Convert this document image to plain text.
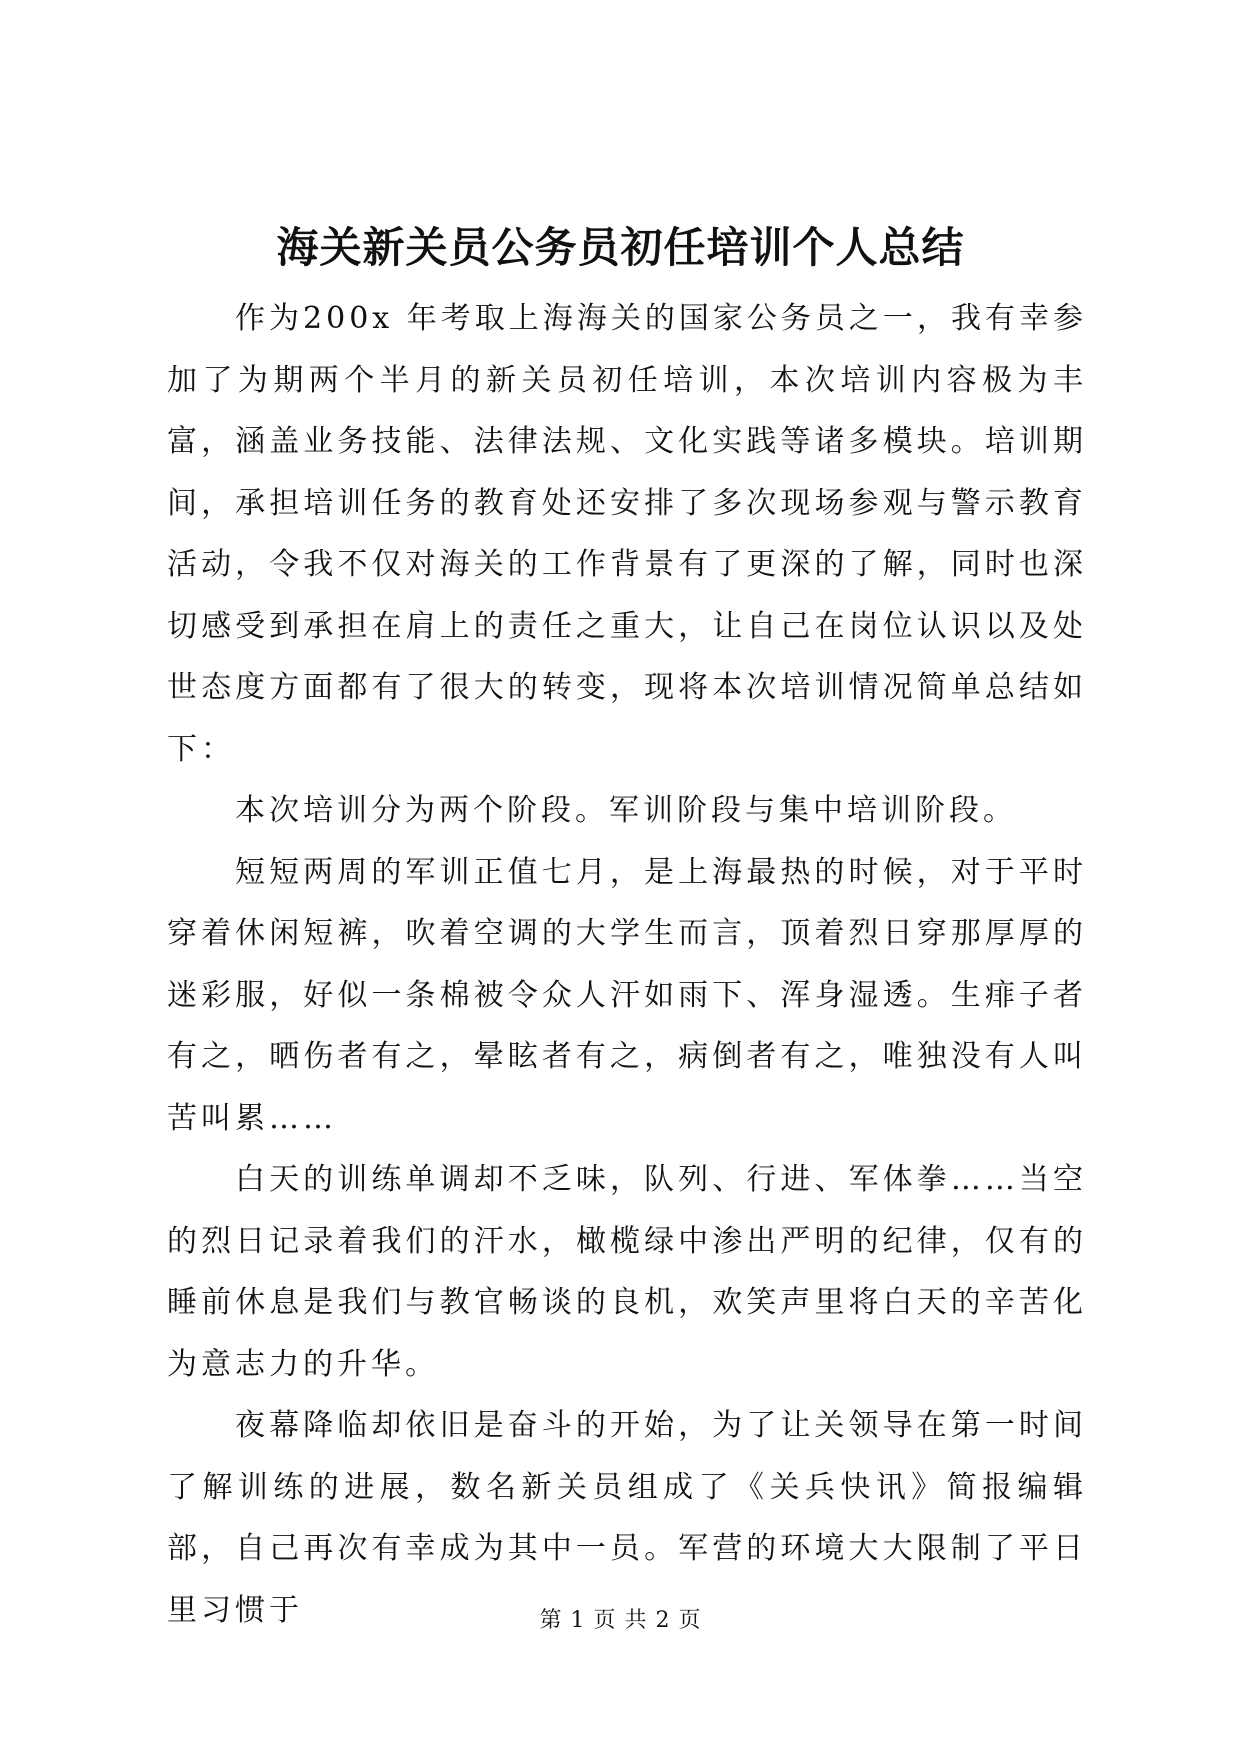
海关新关员公务员初任培训个人总结

作为200x 年考取上海海关的国家公务员之一，我有幸参加了为期两个半月的新关员初任培训，本次培训内容极为丰富，涵盖业务技能、法律法规、文化实践等诸多模块。培训期间，承担培训任务的教育处还安排了多次现场参观与警示教育活动，令我不仅对海关的工作背景有了更深的了解，同时也深切感受到承担在肩上的责任之重大，让自己在岗位认识以及处世态度方面都有了很大的转变，现将本次培训情况简单总结如下：

本次培训分为两个阶段。军训阶段与集中培训阶段。

短短两周的军训正值七月，是上海最热的时候，对于平时穿着休闲短裤，吹着空调的大学生而言，顶着烈日穿那厚厚的迷彩服，好似一条棉被令众人汗如雨下、浑身湿透。生痱子者有之，晒伤者有之，晕眩者有之，病倒者有之，唯独没有人叫苦叫累……

白天的训练单调却不乏味，队列、行进、军体拳……当空的烈日记录着我们的汗水，橄榄绿中渗出严明的纪律，仅有的睡前休息是我们与教官畅谈的良机，欢笑声里将白天的辛苦化为意志力的升华。

夜幕降临却依旧是奋斗的开始，为了让关领导在第一时间了解训练的进展，数名新关员组成了《关兵快讯》简报编辑部，自己再次有幸成为其中一员。军营的环境大大限制了平日里习惯于	第 1 页 共 2 页
